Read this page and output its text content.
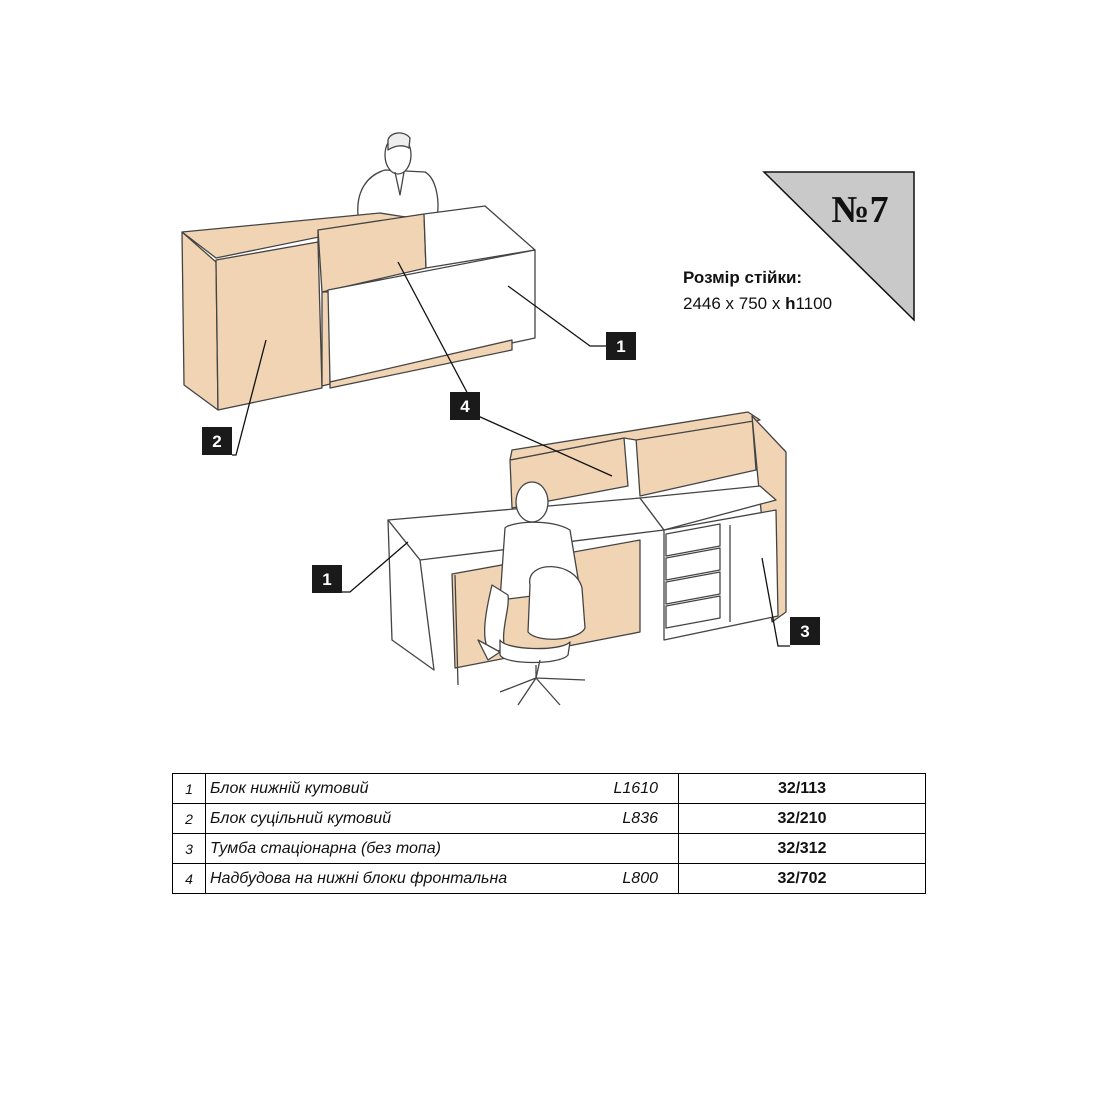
1
2
4
1
3
№7
Розмір стійки:
2446 x 750 x h1100
1	Блок нижній кутовий	L1610	32/113
2	Блок суцільний кутовий	L836	32/210
3	Тумба стаціонарна (без топа)		32/312
4	Надбудова на нижні блоки фронтальна	L800	32/702
